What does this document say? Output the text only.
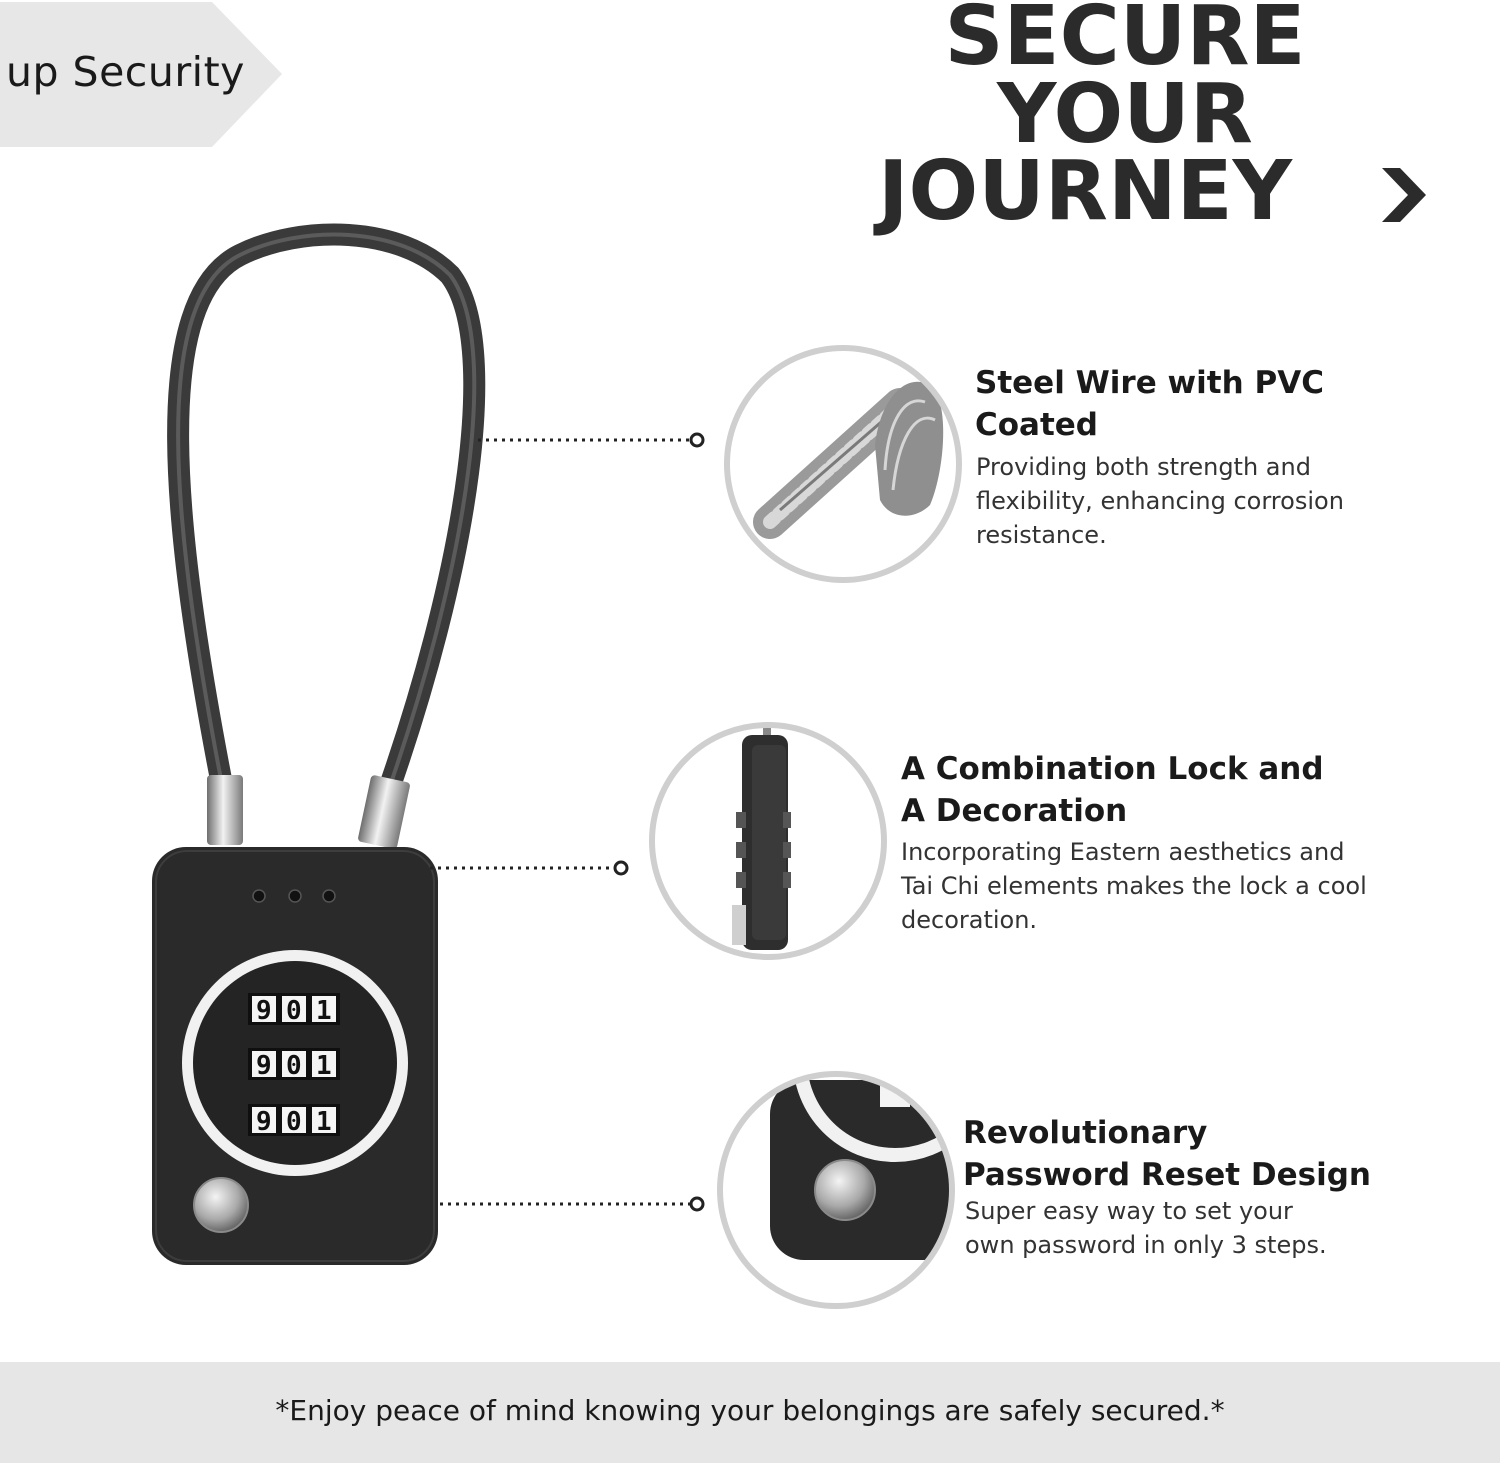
up Security	SECURE
YOUR
JOURNEY
9 0 1
9 0 1
9 0 1
Steel Wire with PVC
Coated
Providing both strength and
flexibility, enhancing corrosion
resistance.
A Combination Lock and
A Decoration
Incorporating Eastern aesthetics and
Tai Chi elements makes the lock a cool
decoration.
Revolutionary
Password Reset Design
Super easy way to set your
own password in only 3 steps.
*Enjoy peace of mind knowing your belongings are safely secured.*
